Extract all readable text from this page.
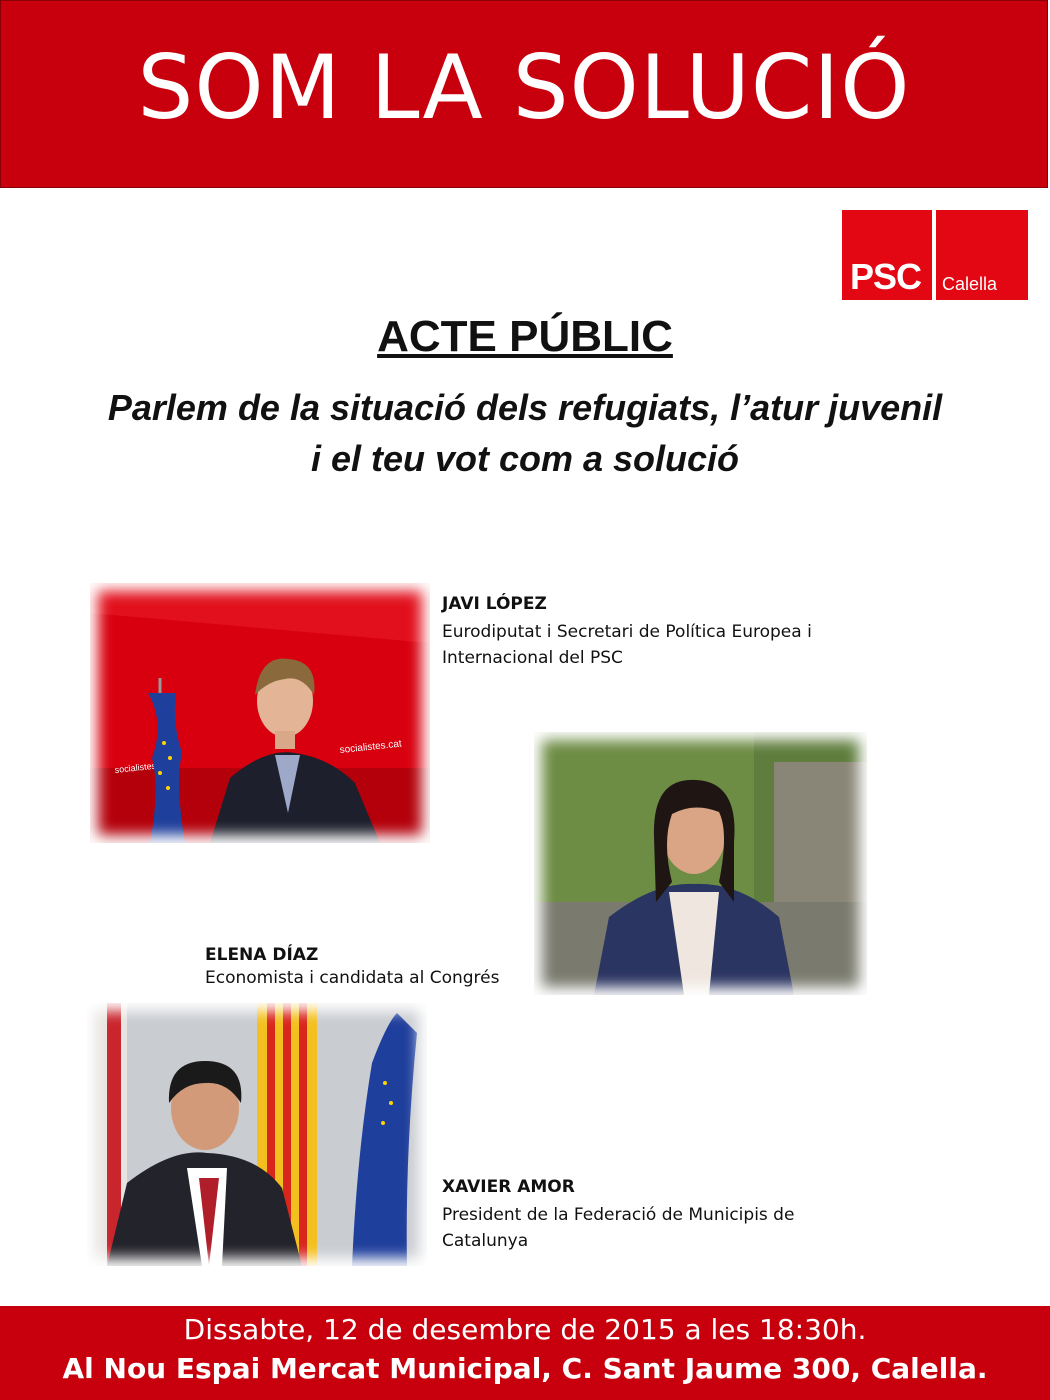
SOM LA SOLUCIÓ
PSC Calella
ACTE PÚBLIC
Parlem de la situació dels refugiats, l’atur juvenil i el teu vot com a solució
socialistes.cat
socialistes.cat
JAVI LÓPEZ
Eurodiputat i Secretari de Política Europea i Internacional del PSC
ELENA DÍAZ
Economista i candidata al Congrés
XAVIER AMOR
President de la Federació de Municipis de Catalunya
Dissabte, 12 de desembre de 2015 a les 18:30h.
Al Nou Espai Mercat Municipal, C. Sant Jaume 300, Calella.
